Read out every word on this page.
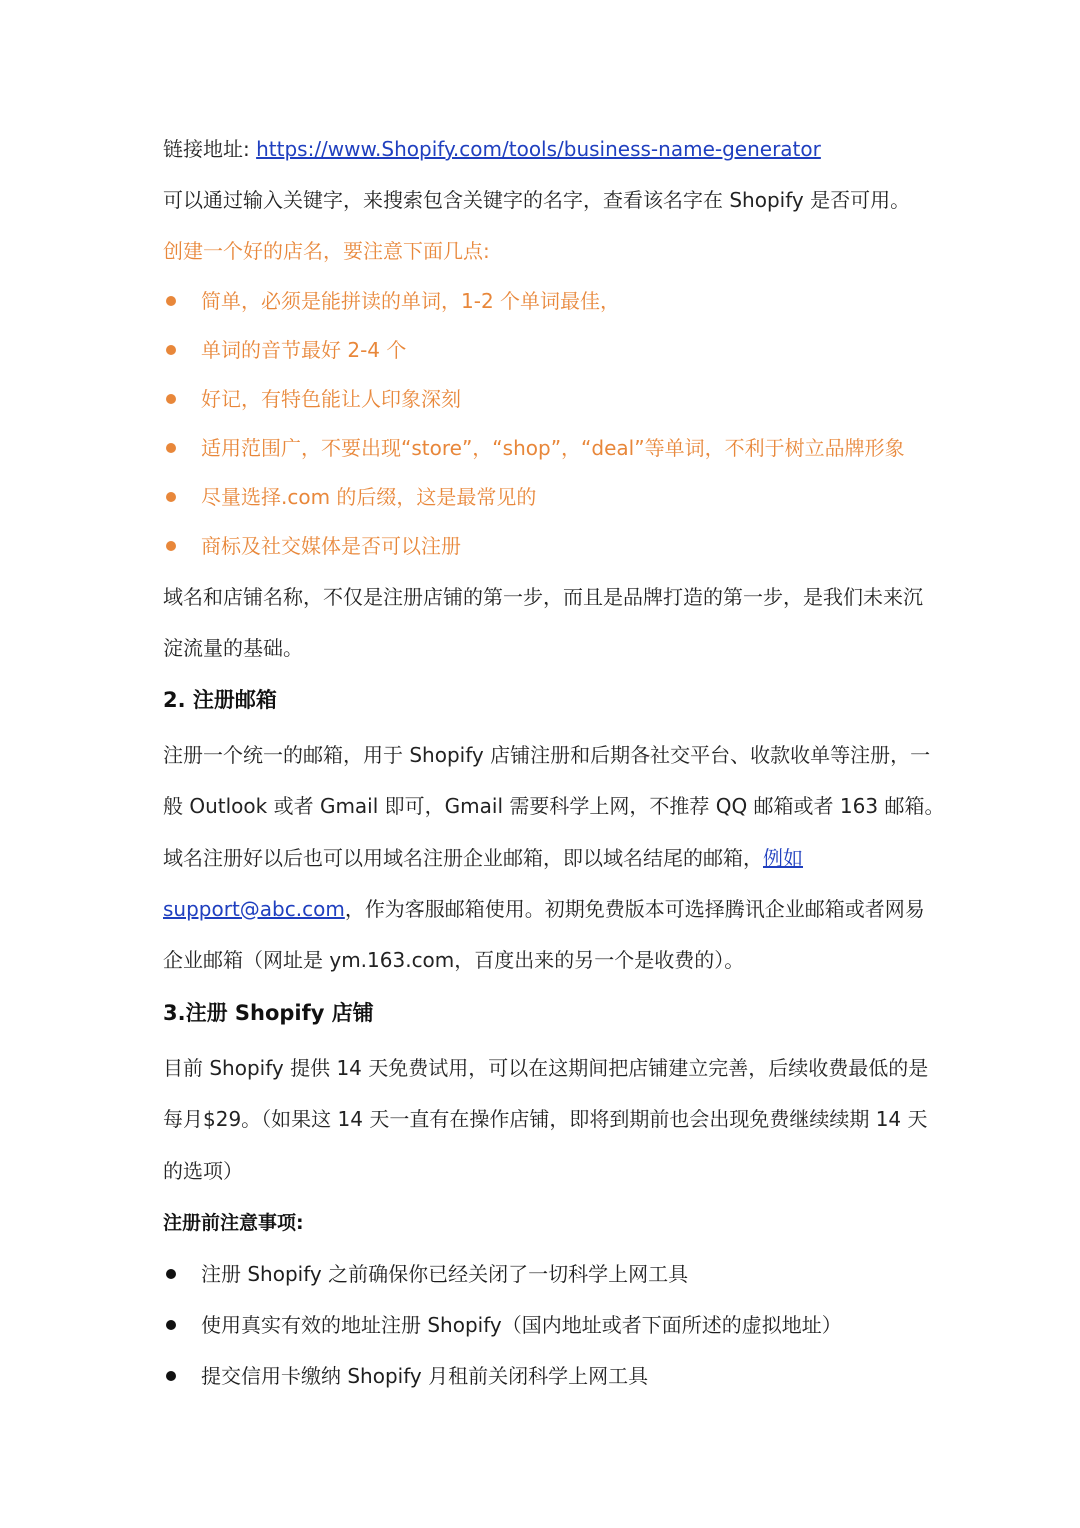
链接地址: https://www.Shopify.com/tools/business-name-generator
可以通过输入关键字，来搜索包含关键字的名字，查看该名字在 Shopify 是否可用。
创建一个好的店名，要注意下面几点:
简单，必须是能拼读的单词，1-2 个单词最佳，
单词的音节最好 2-4 个
好记，有特色能让人印象深刻
适用范围广，不要出现“store”，“shop”，“deal”等单词，不利于树立品牌形象
尽量选择.com 的后缀，这是最常见的
商标及社交媒体是否可以注册
域名和店铺名称，不仅是注册店铺的第一步，而且是品牌打造的第一步，是我们未来沉
淀流量的基础。
2. 注册邮箱
注册一个统一的邮箱，用于 Shopify 店铺注册和后期各社交平台、收款收单等注册，一
般 Outlook 或者 Gmail 即可，Gmail 需要科学上网，不推荐 QQ 邮箱或者 163 邮箱。
域名注册好以后也可以用域名注册企业邮箱，即以域名结尾的邮箱，例如
support@abc.com，作为客服邮箱使用。初期免费版本可选择腾讯企业邮箱或者网易
企业邮箱（网址是 ym.163.com，百度出来的另一个是收费的）。
3.注册 Shopify 店铺
目前 Shopify 提供 14 天免费试用，可以在这期间把店铺建立完善，后续收费最低的是
每月$29。（如果这 14 天一直有在操作店铺，即将到期前也会出现免费继续续期 14 天
的选项）
注册前注意事项:
注册 Shopify 之前确保你已经关闭了一切科学上网工具
使用真实有效的地址注册 Shopify（国内地址或者下面所述的虚拟地址）
提交信用卡缴纳 Shopify 月租前关闭科学上网工具
